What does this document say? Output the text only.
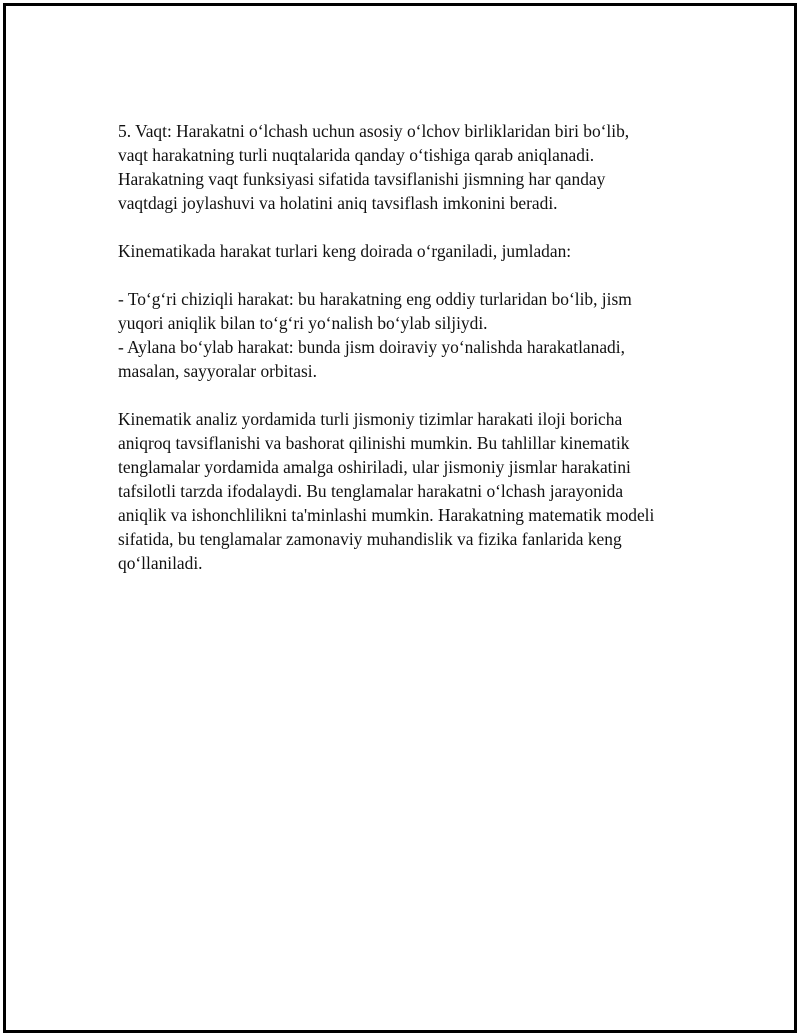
5. Vaqt: Harakatni o‘lchash uchun asosiy o‘lchov birliklaridan biri bo‘lib,
vaqt harakatning turli nuqtalarida qanday o‘tishiga qarab aniqlanadi.
Harakatning vaqt funksiyasi sifatida tavsiflanishi jismning har qanday
vaqtdagi joylashuvi va holatini aniq tavsiflash imkonini beradi.
Kinematikada harakat turlari keng doirada o‘rganiladi, jumladan:
- To‘g‘ri chiziqli harakat: bu harakatning eng oddiy turlaridan bo‘lib, jism
yuqori aniqlik bilan to‘g‘ri yo‘nalish bo‘ylab siljiydi.
- Aylana bo‘ylab harakat: bunda jism doiraviy yo‘nalishda harakatlanadi,
masalan, sayyoralar orbitasi.
Kinematik analiz yordamida turli jismoniy tizimlar harakati iloji boricha
aniqroq tavsiflanishi va bashorat qilinishi mumkin. Bu tahlillar kinematik
tenglamalar yordamida amalga oshiriladi, ular jismoniy jismlar harakatini
tafsilotli tarzda ifodalaydi. Bu tenglamalar harakatni o‘lchash jarayonida
aniqlik va ishonchlilikni ta'minlashi mumkin. Harakatning matematik modeli
sifatida, bu tenglamalar zamonaviy muhandislik va fizika fanlarida keng
qo‘llaniladi.
